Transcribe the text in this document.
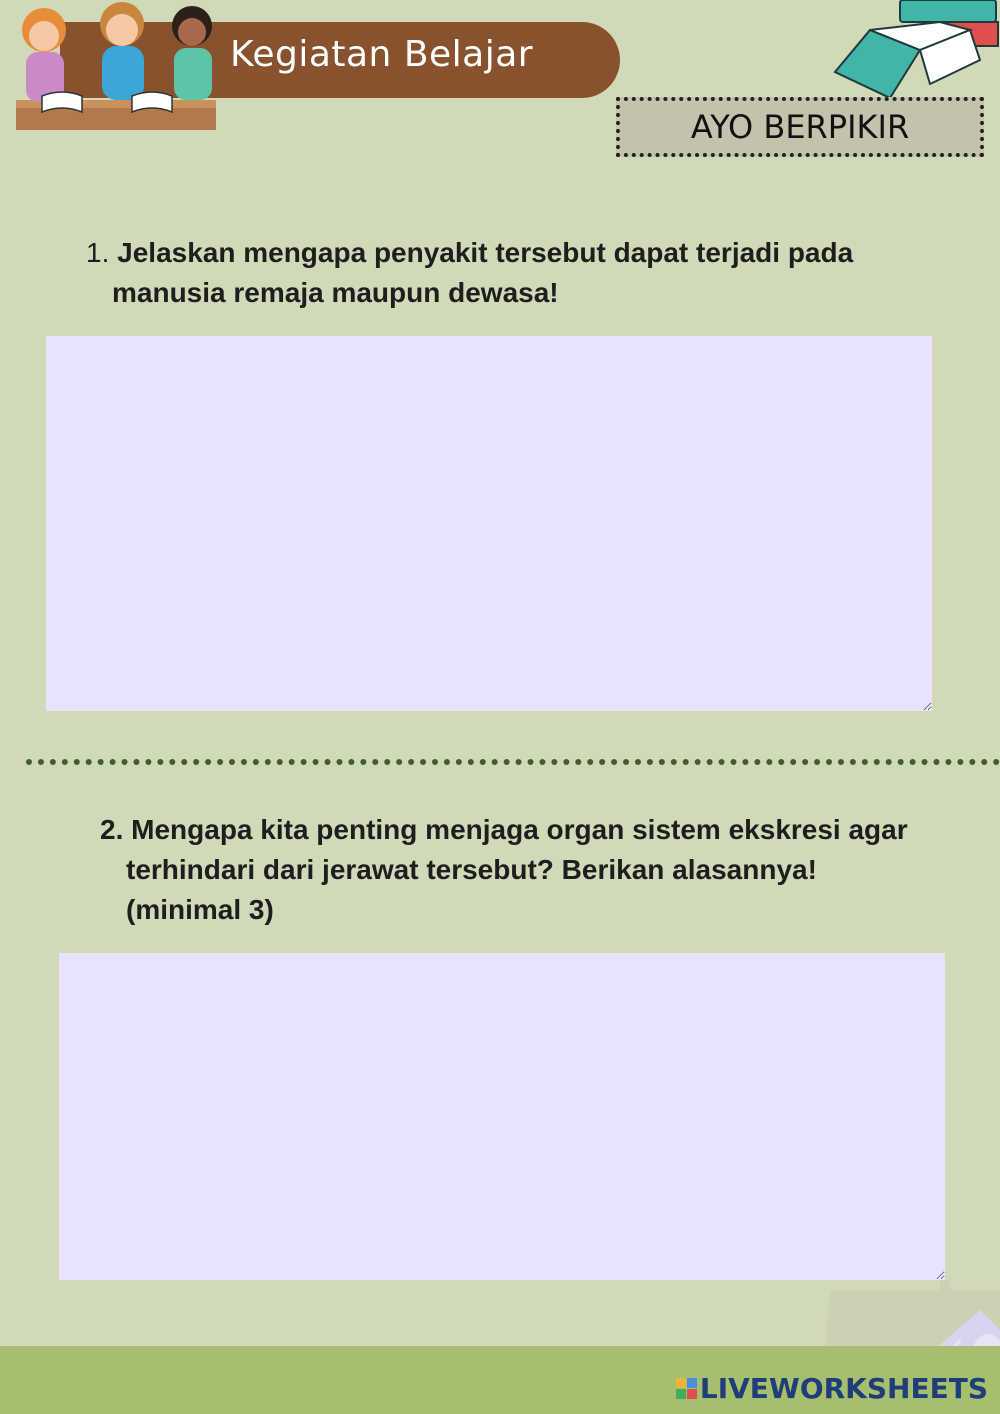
Kegiatan Belajar
AYO BERPIKIR
1. Jelaskan mengapa penyakit tersebut dapat terjadi pada
manusia remaja maupun dewasa!
2. Mengapa kita penting menjaga organ sistem ekskresi agar
terhindari dari jerawat tersebut? Berikan alasannya!
(minimal 3)
LIVEWORKSHEETS
